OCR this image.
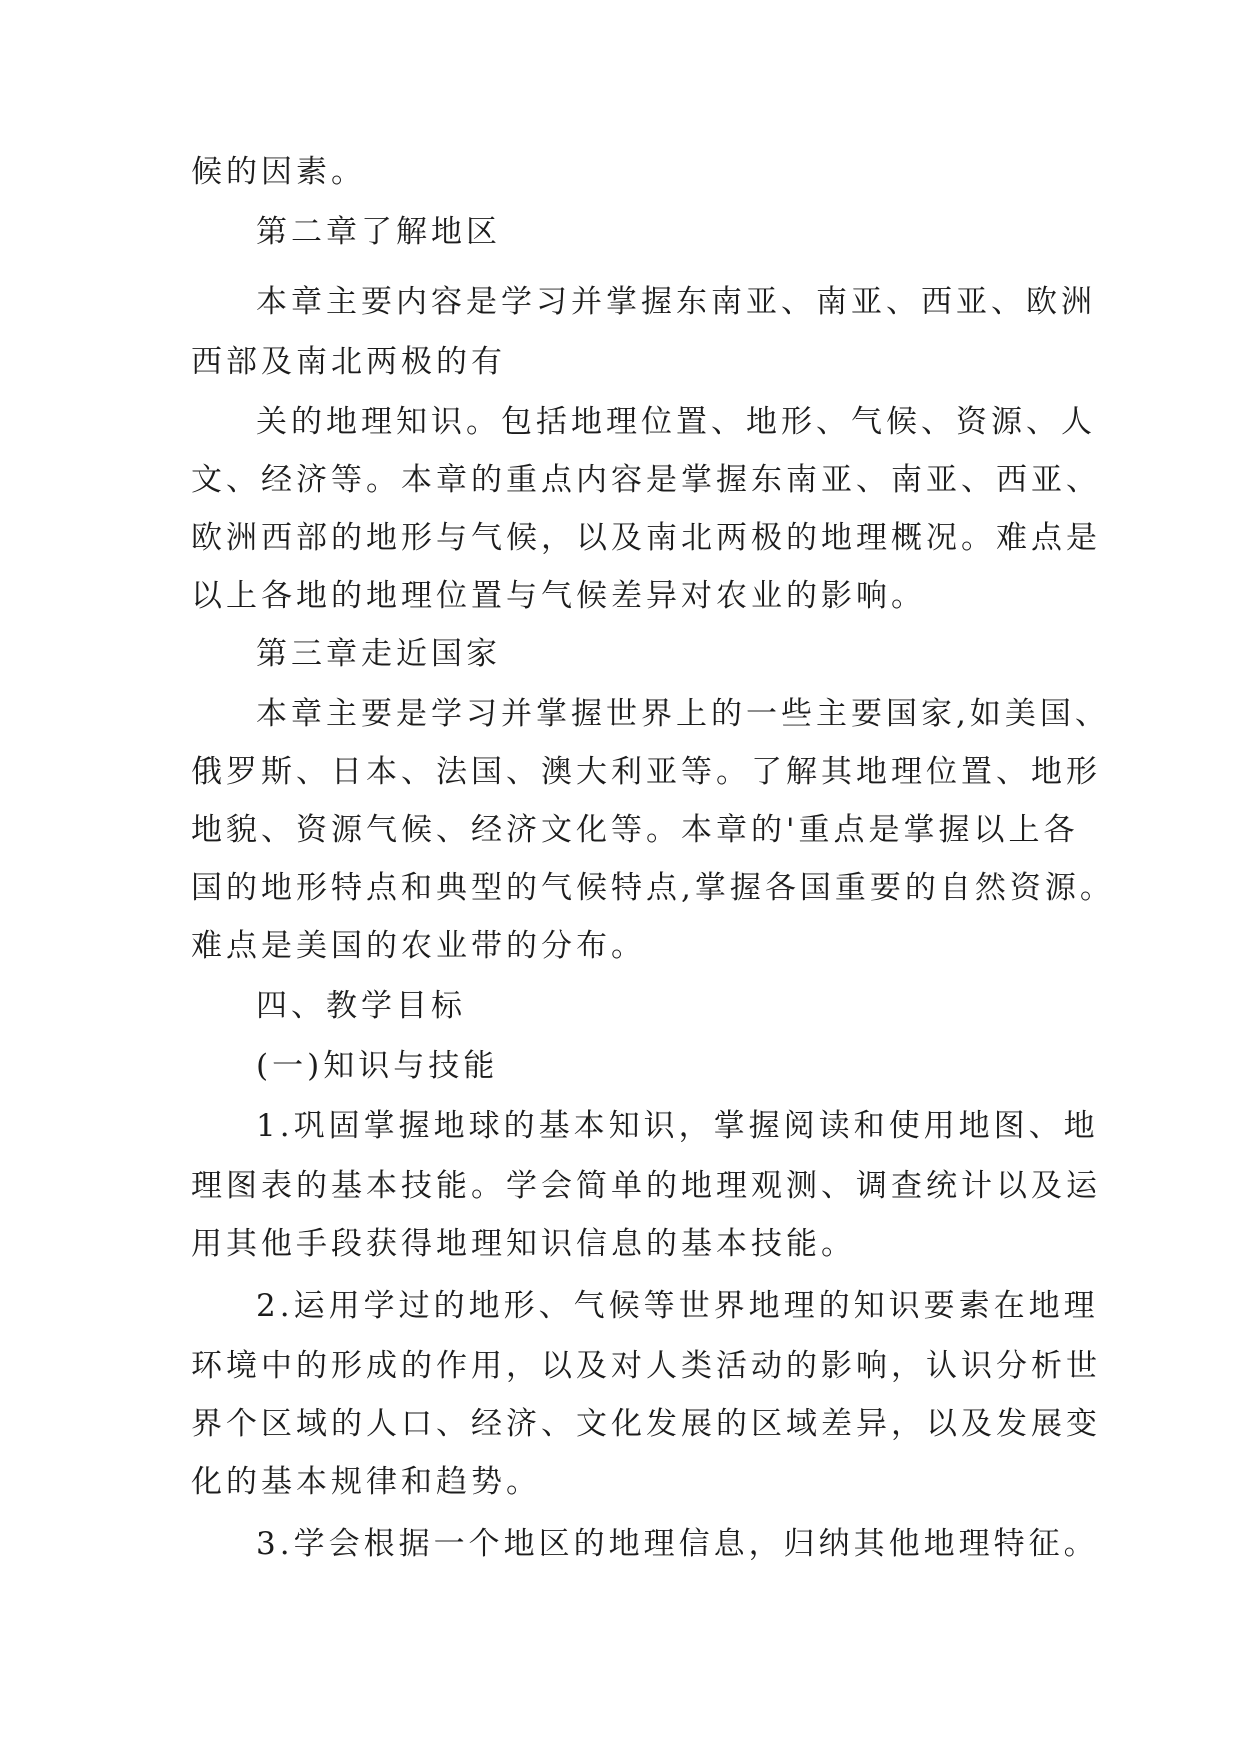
候的因素。
第二章了解地区
本章主要内容是学习并掌握东南亚、南亚、西亚、欧洲
西部及南北两极的有
关的地理知识。包括地理位置、地形、气候、资源、人
文、经济等。本章的重点内容是掌握东南亚、南亚、西亚、
欧洲西部的地形与气候，以及南北两极的地理概况。难点是
以上各地的地理位置与气候差异对农业的影响。
第三章走近国家
本章主要是学习并掌握世界上的一些主要国家,如美国、
俄罗斯、日本、法国、澳大利亚等。了解其地理位置、地形
地貌、资源气候、经济文化等。本章的'重点是掌握以上各
国的地形特点和典型的气候特点,掌握各国重要的自然资源。
难点是美国的农业带的分布。
四、教学目标
(一)知识与技能
1.巩固掌握地球的基本知识，掌握阅读和使用地图、地
理图表的基本技能。学会简单的地理观测、调查统计以及运
用其他手段获得地理知识信息的基本技能。
2.运用学过的地形、气候等世界地理的知识要素在地理
环境中的形成的作用，以及对人类活动的影响，认识分析世
界个区域的人口、经济、文化发展的区域差异，以及发展变
化的基本规律和趋势。
3.学会根据一个地区的地理信息，归纳其他地理特征。
